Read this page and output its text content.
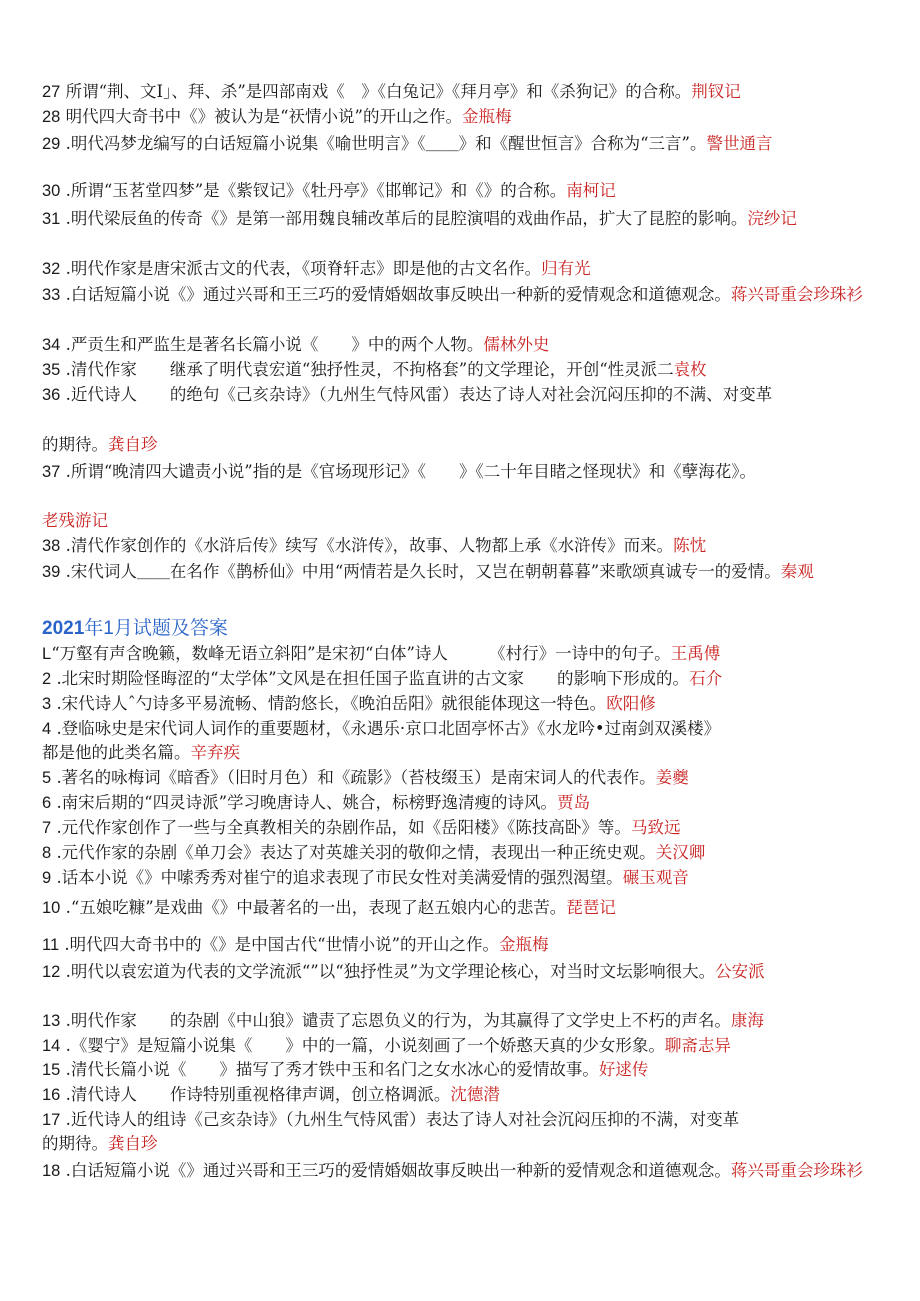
27 所谓“荆、文I」、拜、杀”是四部南戏《　》《白兔记》《拜月亭》和《杀狗记》的合称。荆钗记
28 明代四大奇书中《》被认为是“祆情小说”的开山之作。金瓶梅
29 .明代冯梦龙编写的白话短篇小说集《喻世明言》《＿＿》和《醒世恒言》合称为“三言”。警世通言
30 .所谓“玉茗堂四梦”是《紫钗记》《牡丹亭》《邯郸记》和《》的合称。南柯记
31 .明代梁辰鱼的传奇《》是第一部用魏良辅改革后的昆腔演唱的戏曲作品，扩大了昆腔的影响。浣纱记
32 .明代作家是唐宋派古文的代表，《项脊轩志》即是他的古文名作。归有光
33 .白话短篇小说《》通过兴哥和王三巧的爱情婚姻故事反映出一种新的爱情观念和道德观念。蒋兴哥重会珍珠衫
34 .严贡生和严监生是著名长篇小说《　　》中的两个人物。儒林外史
35 .清代作家　　继承了明代袁宏道“独抒性灵，不拘格套”的文学理论，开创“性灵派二袁枚
36 .近代诗人　　的绝句《己亥杂诗》（九州生气恃风雷）表达了诗人对社会沉闷压抑的不满、对变革
的期待。龚自珍
37 .所谓“晚清四大谴责小说”指的是《官场现形记》《　　》《二十年目睹之怪现状》和《孽海花》。
老残游记
38 .清代作家创作的《水浒后传》续写《水浒传》，故事、人物都上承《水浒传》而来。陈忱
39 .宋代词人＿＿在名作《鹊桥仙》中用“两情若是久长时，又岂在朝朝暮暮”来歌颂真诚专一的爱情。秦观
2021年1月试题及答案
L“万壑有声含晚籁，数峰无语立斜阳”是宋初“白体”诗人　　　《村行》一诗中的句子。王禹傅
2 .北宋时期险怪晦涩的“太学体”文风是在担任国子监直讲的古文家　　的影响下形成的。石介
3 .宋代诗人ˆ勺诗多平易流畅、情韵悠长，《晚泊岳阳》就很能体现这一特色。欧阳修
4 .登临咏史是宋代词人词作的重要题材，《永遇乐·京口北固亭怀古》《水龙吟•过南剑双溪楼》
都是他的此类名篇。辛弃疾
5 .著名的咏梅词《暗香》（旧时月色）和《疏影》（苔枝缀玉）是南宋词人的代表作。姜夔
6 .南宋后期的“四灵诗派”学习晚唐诗人、姚合，标榜野逸清瘦的诗风。贾岛
7 .元代作家创作了一些与全真教相关的杂剧作品，如《岳阳楼》《陈技高卧》等。马致远
8 .元代作家的杂剧《单刀会》表达了对英雄关羽的敬仰之情，表现出一种正统史观。关汉卿
9 .话本小说《》中嗦秀秀对崔宁的追求表现了市民女性对美满爱情的强烈渴望。碾玉观音
10 .“五娘吃糠”是戏曲《》中最著名的一出，表现了赵五娘内心的悲苦。琵琶记
11 .明代四大奇书中的《》是中国古代“世情小说”的开山之作。金瓶梅
12 .明代以袁宏道为代表的文学流派“”以“独抒性灵”为文学理论核心，对当时文坛影响很大。公安派
13 .明代作家　　的杂剧《中山狼》谴责了忘恩负义的行为，为其赢得了文学史上不朽的声名。康海
14 .《婴宁》是短篇小说集《　　》中的一篇，小说刻画了一个娇憨天真的少女形象。聊斋志异
15 .清代长篇小说《　　》描写了秀才铁中玉和名门之女水冰心的爱情故事。好逑传
16 .清代诗人　　作诗特别重视格律声调，创立格调派。沈德潜
17 .近代诗人的组诗《己亥杂诗》（九州生气恃风雷）表达了诗人对社会沉闷压抑的不满，对变革
的期待。龚自珍
18 .白话短篇小说《》通过兴哥和王三巧的爱情婚姻故事反映出一种新的爱情观念和道德观念。蒋兴哥重会珍珠衫
